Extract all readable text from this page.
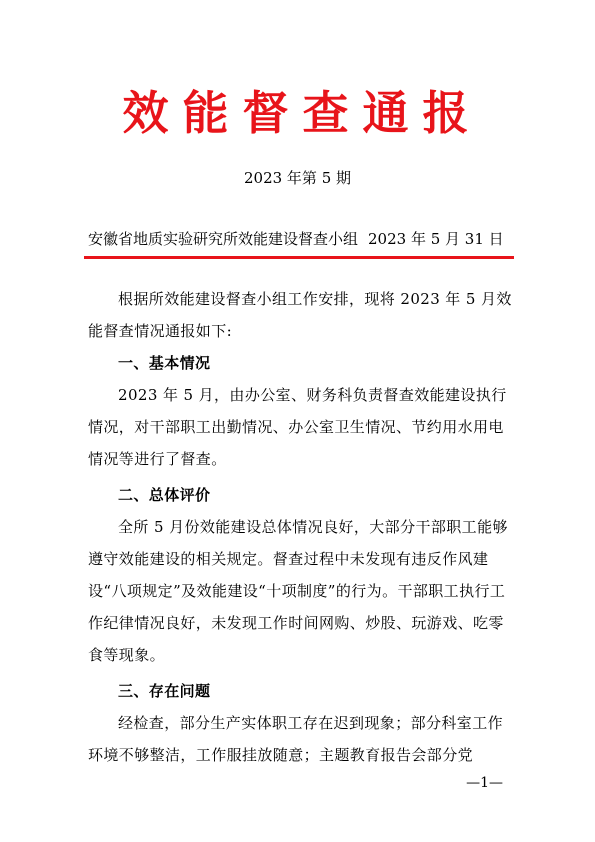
效能督查通报
2023 年第 5 期
安徽省地质实验研究所效能建设督查小组 2023 年 5 月 31 日

根据所效能建设督查小组工作安排，现将 2023 年 5 月效能督查情况通报如下:

一、基本情况

2023 年 5 月，由办公室、财务科负责督查效能建设执行情况，对干部职工出勤情况、办公室卫生情况、节约用水用电情况等进行了督查。

二、总体评价

全所 5 月份效能建设总体情况良好，大部分干部职工能够遵守效能建设的相关规定。督查过程中未发现有违反作风建设“八项规定”及效能建设“十项制度”的行为。干部职工执行工作纪律情况良好，未发现工作时间网购、炒股、玩游戏、吃零食等现象。

三、存在问题

经检查，部分生产实体职工存在迟到现象；部分科室工作环境不够整洁，工作服挂放随意；主题教育报告会部分党

—1—
